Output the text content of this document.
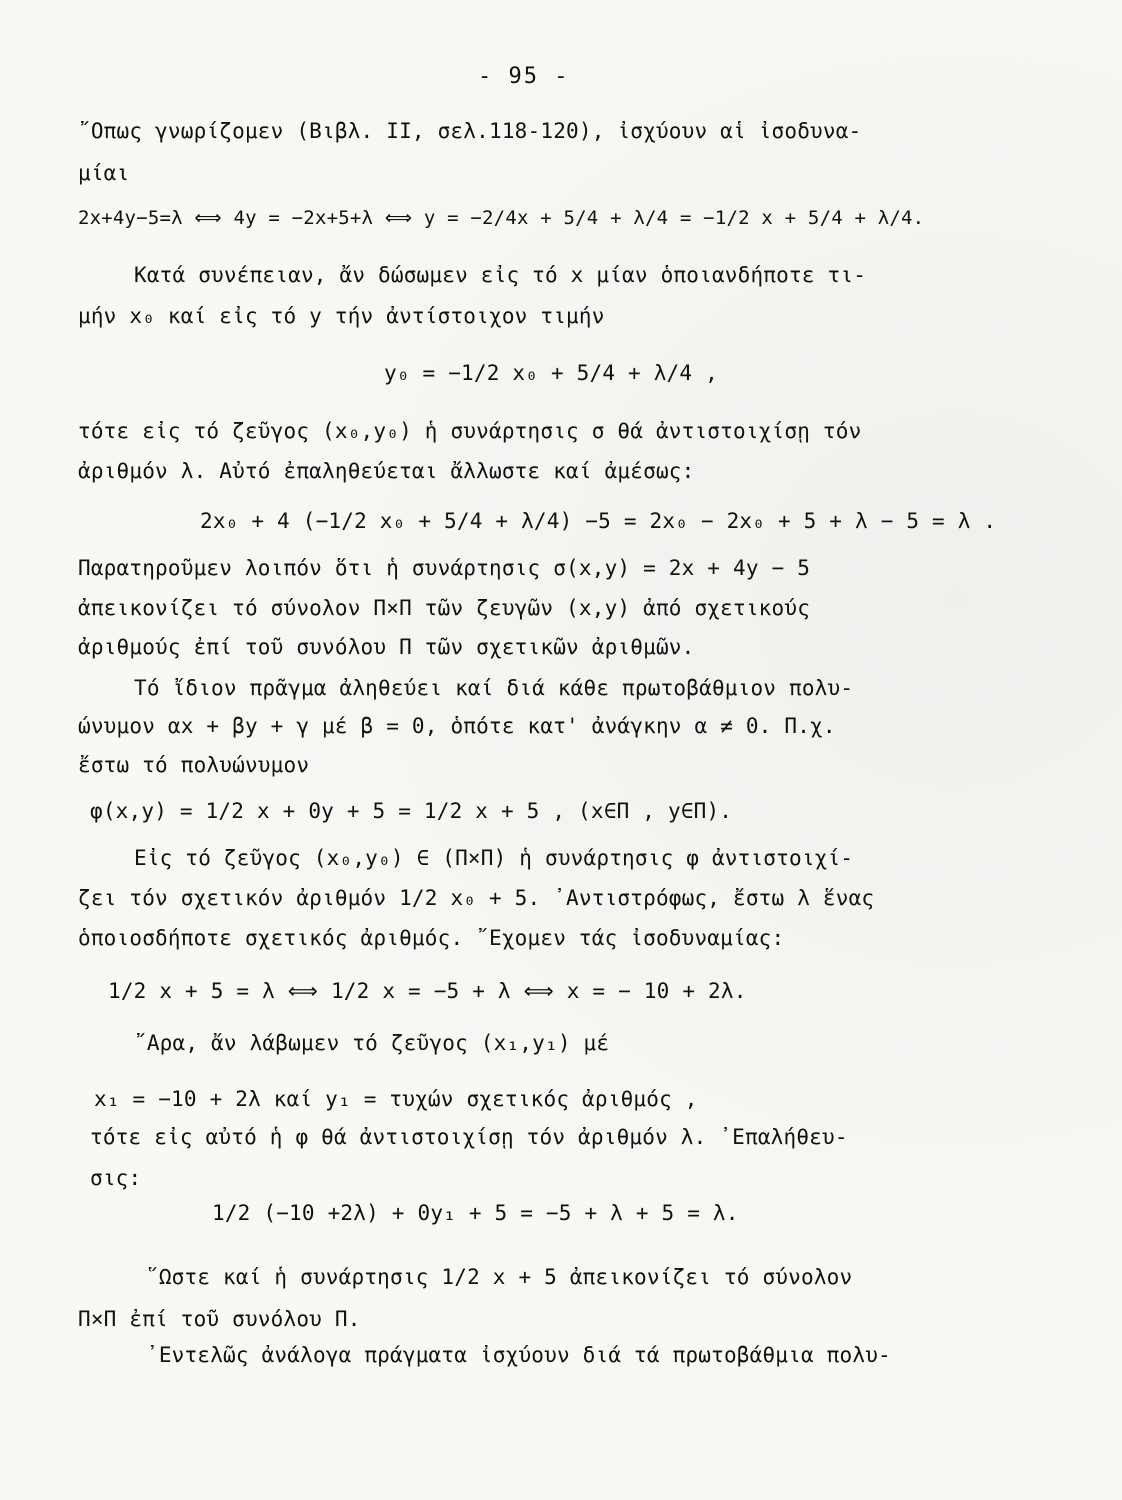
- 95 -
῎Οπως γνωρίζομεν (Βιβλ. ΙΙ, σελ.118-120), ἰσχύουν αἱ ἰσοδυνα-
μίαι
2x+4y−5=λ ⟺ 4y = −2x+5+λ ⟺ y = −2/4x + 5/4 + λ/4 = −1/2 x + 5/4 + λ/4.
Κατά συνέπειαν, ἄν δώσωμεν εἰς τό x μίαν ὁποιανδήποτε τι-
μήν x₀ καί εἰς τό y τήν ἀντίστοιχον τιμήν
y₀ = −1/2 x₀ + 5/4 + λ/4 ,
τότε εἰς τό ζεῦγος (x₀,y₀) ἡ συνάρτησις σ θά ἀντιστοιχίσῃ τόν
ἀριθμόν λ. Αὐτό ἐπαληθεύεται ἄλλωστε καί ἀμέσως:
2x₀ + 4 (−1/2 x₀ + 5/4 + λ/4) −5 = 2x₀ − 2x₀ + 5 + λ − 5 = λ .
Παρατηροῦμεν λοιπόν ὅτι ἡ συνάρτησις σ(x,y) = 2x + 4y − 5
ἀπεικονίζει τό σύνολον Π×Π τῶν ζευγῶν (x,y) ἀπό σχετικούς
ἀριθμούς ἐπί τοῦ συνόλου Π τῶν σχετικῶν ἀριθμῶν.
Τό ἴδιον πρᾶγμα ἀληθεύει καί διά κάθε πρωτοβάθμιον πολυ-
ώνυμον αx + βy + γ μέ β = 0, ὁπότε κατ' ἀνάγκην α ≠ 0. Π.χ.
ἔστω τό πολυώνυμον
φ(x,y) = 1/2 x + 0y + 5 = 1/2 x + 5 , (x∈Π , y∈Π).
Εἰς τό ζεῦγος (x₀,y₀) ∈ (Π×Π) ἡ συνάρτησις φ ἀντιστοιχί-
ζει τόν σχετικόν ἀριθμόν 1/2 x₀ + 5. ᾿Αντιστρόφως, ἔστω λ ἕνας
ὁποιοσδήποτε σχετικός ἀριθμός. ῎Εχομεν τάς ἰσοδυναμίας:
1/2 x + 5 = λ ⟺ 1/2 x = −5 + λ ⟺ x = − 10 + 2λ.
῎Αρα, ἄν λάβωμεν τό ζεῦγος (x₁,y₁) μέ
x₁ = −10 + 2λ καί y₁ = τυχών σχετικός ἀριθμός ,
τότε εἰς αὐτό ἡ φ θά ἀντιστοιχίσῃ τόν ἀριθμόν λ. ᾿Επαλήθευ-
σις:
1/2 (−10 +2λ) + 0y₁ + 5 = −5 + λ + 5 = λ.
῞Ωστε καί ἡ συνάρτησις 1/2 x + 5 ἀπεικονίζει τό σύνολον
Π×Π ἐπί τοῦ συνόλου Π.
᾿Εντελῶς ἀνάλογα πράγματα ἰσχύουν διά τά πρωτοβάθμια πολυ-
